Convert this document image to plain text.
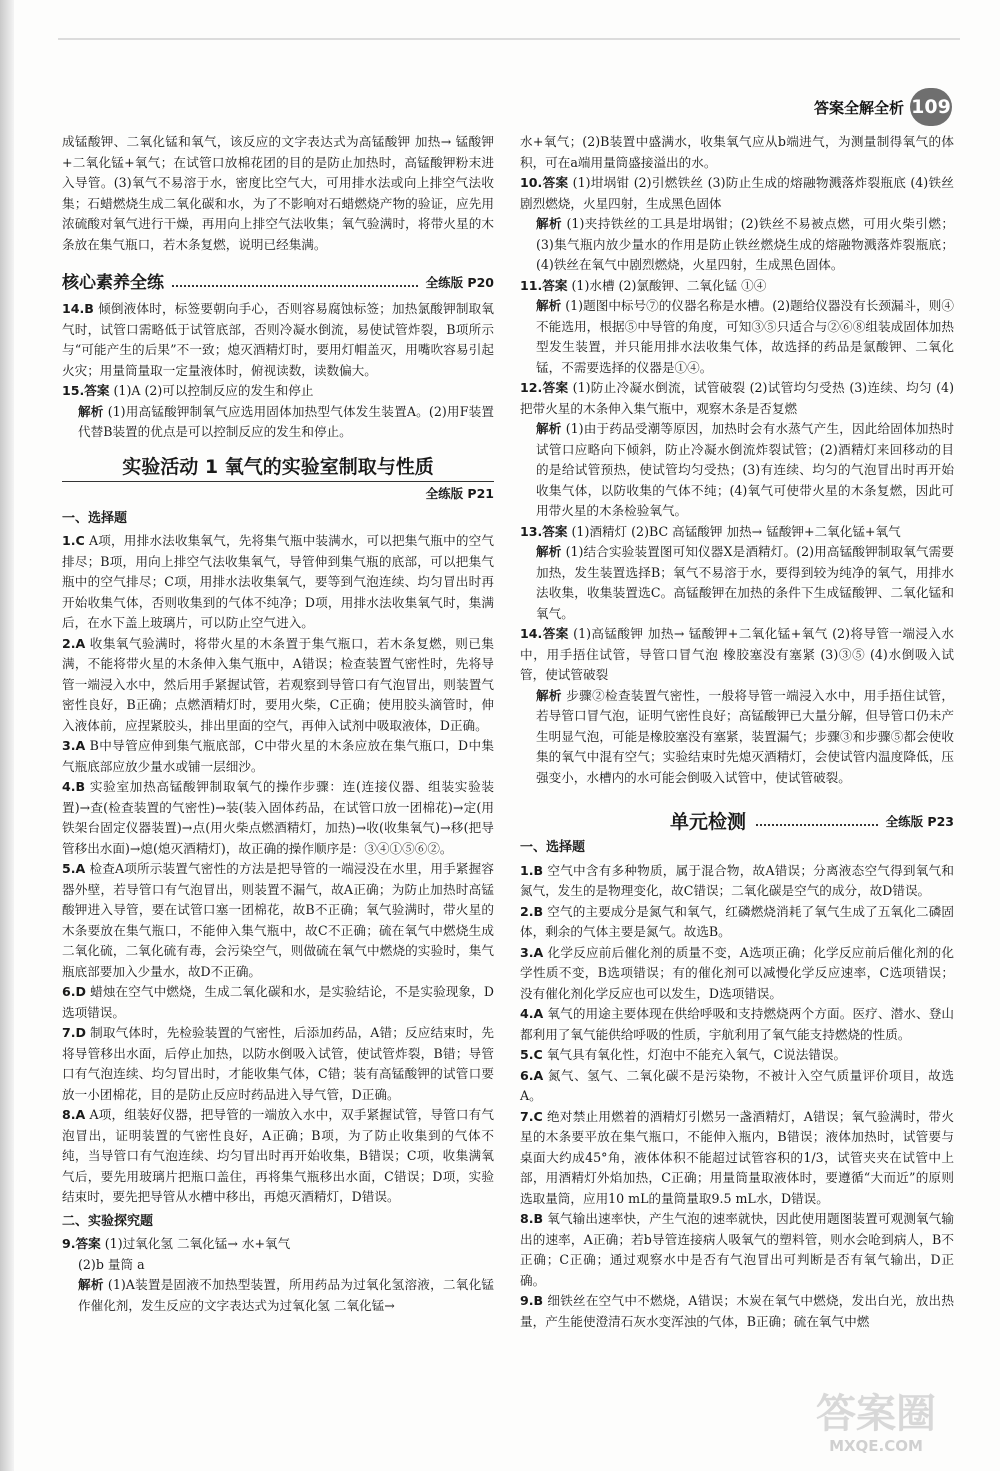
答案全解全析 109

成锰酸钾、二氧化锰和氧气，该反应的文字表达式为高锰酸钾 加热→ 锰酸钾+二氧化锰+氧气；在试管口放棉花团的目的是防止加热时，高锰酸钾粉末进入导管。(3)氧气不易溶于水，密度比空气大，可用排水法或向上排空气法收集；石蜡燃烧生成二氧化碳和水，为了不影响对石蜡燃烧产物的验证，应先用浓硫酸对氧气进行干燥，再用向上排空气法收集；氧气验满时，将带火星的木条放在集气瓶口，若木条复燃，说明已经集满。

核心素养全练	全练版 P20

14.B 倾倒液体时，标签要朝向手心，否则容易腐蚀标签；加热氯酸钾制取氧气时，试管口需略低于试管底部，否则冷凝水倒流，易使试管炸裂，B项所示与“可能产生的后果”不一致；熄灭酒精灯时，要用灯帽盖灭，用嘴吹容易引起火灾；用量筒量取一定量液体时，俯视读数，读数偏大。

15.答案 (1)A (2)可以控制反应的发生和停止

解析 (1)用高锰酸钾制氧气应选用固体加热型气体发生装置A。(2)用F装置代替B装置的优点是可以控制反应的发生和停止。

实验活动 1 氧气的实验室制取与性质
全练版 P21
一、选择题

1.C A项，用排水法收集氧气，先将集气瓶中装满水，可以把集气瓶中的空气排尽；B项，用向上排空气法收集氧气，导管伸到集气瓶的底部，可以把集气瓶中的空气排尽；C项，用排水法收集氧气，要等到气泡连续、均匀冒出时再开始收集气体，否则收集到的气体不纯净；D项，用排水法收集氧气时，集满后，在水下盖上玻璃片，可以防止空气进入。

2.A 收集氧气验满时，将带火星的木条置于集气瓶口，若木条复燃，则已集满，不能将带火星的木条伸入集气瓶中，A错误；检查装置气密性时，先将导管一端浸入水中，然后用手紧握试管，若观察到导管口有气泡冒出，则装置气密性良好，B正确；点燃酒精灯时，要用火柴，C正确；使用胶头滴管时，伸入液体前，应捏紧胶头，排出里面的空气，再伸入试剂中吸取液体，D正确。

3.A B中导管应伸到集气瓶底部，C中带火星的木条应放在集气瓶口，D中集气瓶底部应放少量水或铺一层细沙。

4.B 实验室加热高锰酸钾制取氧气的操作步骤：连(连接仪器、组装实验装置)→查(检查装置的气密性)→装(装入固体药品，在试管口放一团棉花)→定(用铁架台固定仪器装置)→点(用火柴点燃酒精灯，加热)→收(收集氧气)→移(把导管移出水面)→熄(熄灭酒精灯)，故正确的操作顺序是：③④①⑤⑥②。

5.A 检查A项所示装置气密性的方法是把导管的一端浸没在水里，用手紧握容器外壁，若导管口有气泡冒出，则装置不漏气，故A正确；为防止加热时高锰酸钾进入导管，要在试管口塞一团棉花，故B不正确；氧气验满时，带火星的木条要放在集气瓶口，不能伸入集气瓶中，故C不正确；硫在氧气中燃烧生成二氧化硫，二氧化硫有毒，会污染空气，则做硫在氧气中燃烧的实验时，集气瓶底部要加入少量水，故D不正确。

6.D 蜡烛在空气中燃烧，生成二氧化碳和水，是实验结论，不是实验现象，D选项错误。

7.D 制取气体时，先检验装置的气密性，后添加药品，A错；反应结束时，先将导管移出水面，后停止加热，以防水倒吸入试管，使试管炸裂，B错；导管口有气泡连续、均匀冒出时，才能收集气体，C错；装有高锰酸钾的试管口要放一小团棉花，目的是防止反应时药品进入导气管，D正确。

8.A A项，组装好仪器，把导管的一端放入水中，双手紧握试管，导管口有气泡冒出，证明装置的气密性良好，A正确；B项，为了防止收集到的气体不纯，当导管口有气泡连续、均匀冒出时再开始收集，B错误；C项，收集满氧气后，要先用玻璃片把瓶口盖住，再将集气瓶移出水面，C错误；D项，实验结束时，要先把导管从水槽中移出，再熄灭酒精灯，D错误。

二、实验探究题

9.答案 (1)过氧化氢 二氧化锰→ 水+氧气

(2)b 量筒 a

解析 (1)A装置是固液不加热型装置，所用药品为过氧化氢溶液，二氧化锰作催化剂，发生反应的文字表达式为过氧化氢 二氧化锰→

水+氧气；(2)B装置中盛满水，收集氧气应从b端进气，为测量制得氧气的体积，可在a端用量筒盛接溢出的水。

10.答案 (1)坩埚钳 (2)引燃铁丝 (3)防止生成的熔融物溅落炸裂瓶底 (4)铁丝剧烈燃烧，火星四射，生成黑色固体

解析 (1)夹持铁丝的工具是坩埚钳；(2)铁丝不易被点燃，可用火柴引燃；(3)集气瓶内放少量水的作用是防止铁丝燃烧生成的熔融物溅落炸裂瓶底；(4)铁丝在氧气中剧烈燃烧，火星四射，生成黑色固体。

11.答案 (1)水槽 (2)氯酸钾、二氧化锰 ①④

解析 (1)题图中标号⑦的仪器名称是水槽。(2)题给仪器没有长颈漏斗，则④不能选用，根据⑤中导管的角度，可知③⑤只适合与②⑥⑧组装成固体加热型发生装置，并只能用排水法收集气体，故选择的药品是氯酸钾、二氧化锰，不需要选择的仪器是①④。

12.答案 (1)防止冷凝水倒流，试管破裂 (2)试管均匀受热 (3)连续、均匀 (4)把带火星的木条伸入集气瓶中，观察木条是否复燃

解析 (1)由于药品受潮等原因，加热时会有水蒸气产生，因此给固体加热时试管口应略向下倾斜，防止冷凝水倒流炸裂试管；(2)酒精灯来回移动的目的是给试管预热，使试管均匀受热；(3)有连续、均匀的气泡冒出时再开始收集气体，以防收集的气体不纯；(4)氧气可使带火星的木条复燃，因此可用带火星的木条检验氧气。

13.答案 (1)酒精灯 (2)BC 高锰酸钾 加热→ 锰酸钾+二氧化锰+氧气

解析 (1)结合实验装置图可知仪器X是酒精灯。(2)用高锰酸钾制取氧气需要加热，发生装置选择B；氧气不易溶于水，要得到较为纯净的氧气，用排水法收集，收集装置选C。高锰酸钾在加热的条件下生成锰酸钾、二氧化锰和氧气。

14.答案 (1)高锰酸钾 加热→ 锰酸钾+二氧化锰+氧气 (2)将导管一端浸入水中，用手捂住试管，导管口冒气泡 橡胶塞没有塞紧 (3)③⑤ (4)水倒吸入试管，使试管破裂

解析 步骤②检查装置气密性，一般将导管一端浸入水中，用手捂住试管，若导管口冒气泡，证明气密性良好；高锰酸钾已大量分解，但导管口仍未产生明显气泡，可能是橡胶塞没有塞紧，装置漏气；步骤③和步骤⑤都会使收集的氧气中混有空气；实验结束时先熄灭酒精灯，会使试管内温度降低，压强变小，水槽内的水可能会倒吸入试管中，使试管破裂。

单元检测	全练版 P23
一、选择题

1.B 空气中含有多种物质，属于混合物，故A错误；分离液态空气得到氧气和氮气，发生的是物理变化，故C错误；二氧化碳是空气的成分，故D错误。

2.B 空气的主要成分是氮气和氧气，红磷燃烧消耗了氧气生成了五氧化二磷固体，剩余的气体主要是氮气。故选B。

3.A 化学反应前后催化剂的质量不变，A选项正确；化学反应前后催化剂的化学性质不变，B选项错误；有的催化剂可以减慢化学反应速率，C选项错误；没有催化剂化学反应也可以发生，D选项错误。

4.A 氧气的用途主要体现在供给呼吸和支持燃烧两个方面。医疗、潜水、登山都利用了氧气能供给呼吸的性质，宇航利用了氧气能支持燃烧的性质。

5.C 氧气具有氧化性，灯泡中不能充入氧气，C说法错误。

6.A 氮气、氢气、二氧化碳不是污染物，不被计入空气质量评价项目，故选A。

7.C 绝对禁止用燃着的酒精灯引燃另一盏酒精灯，A错误；氧气验满时，带火星的木条要平放在集气瓶口，不能伸入瓶内，B错误；液体加热时，试管要与桌面大约成45°角，液体体积不能超过试管容积的1/3，试管夹夹在试管中上部，用酒精灯外焰加热，C正确；用量筒量取液体时，要遵循“大而近”的原则选取量筒，应用10 mL的量筒量取9.5 mL水，D错误。

8.B 氧气输出速率快，产生气泡的速率就快，因此使用题图装置可观测氧气输出的速率，A正确；若b导管连接病人吸氧气的塑料管，则水会呛到病人，B不正确；C正确；通过观察水中是否有气泡冒出可判断是否有氧气输出，D正确。

9.B 细铁丝在空气中不燃烧，A错误；木炭在氧气中燃烧，发出白光，放出热量，产生能使澄清石灰水变浑浊的气体，B正确；硫在氧气中燃

答案圈
MXQE.COM
